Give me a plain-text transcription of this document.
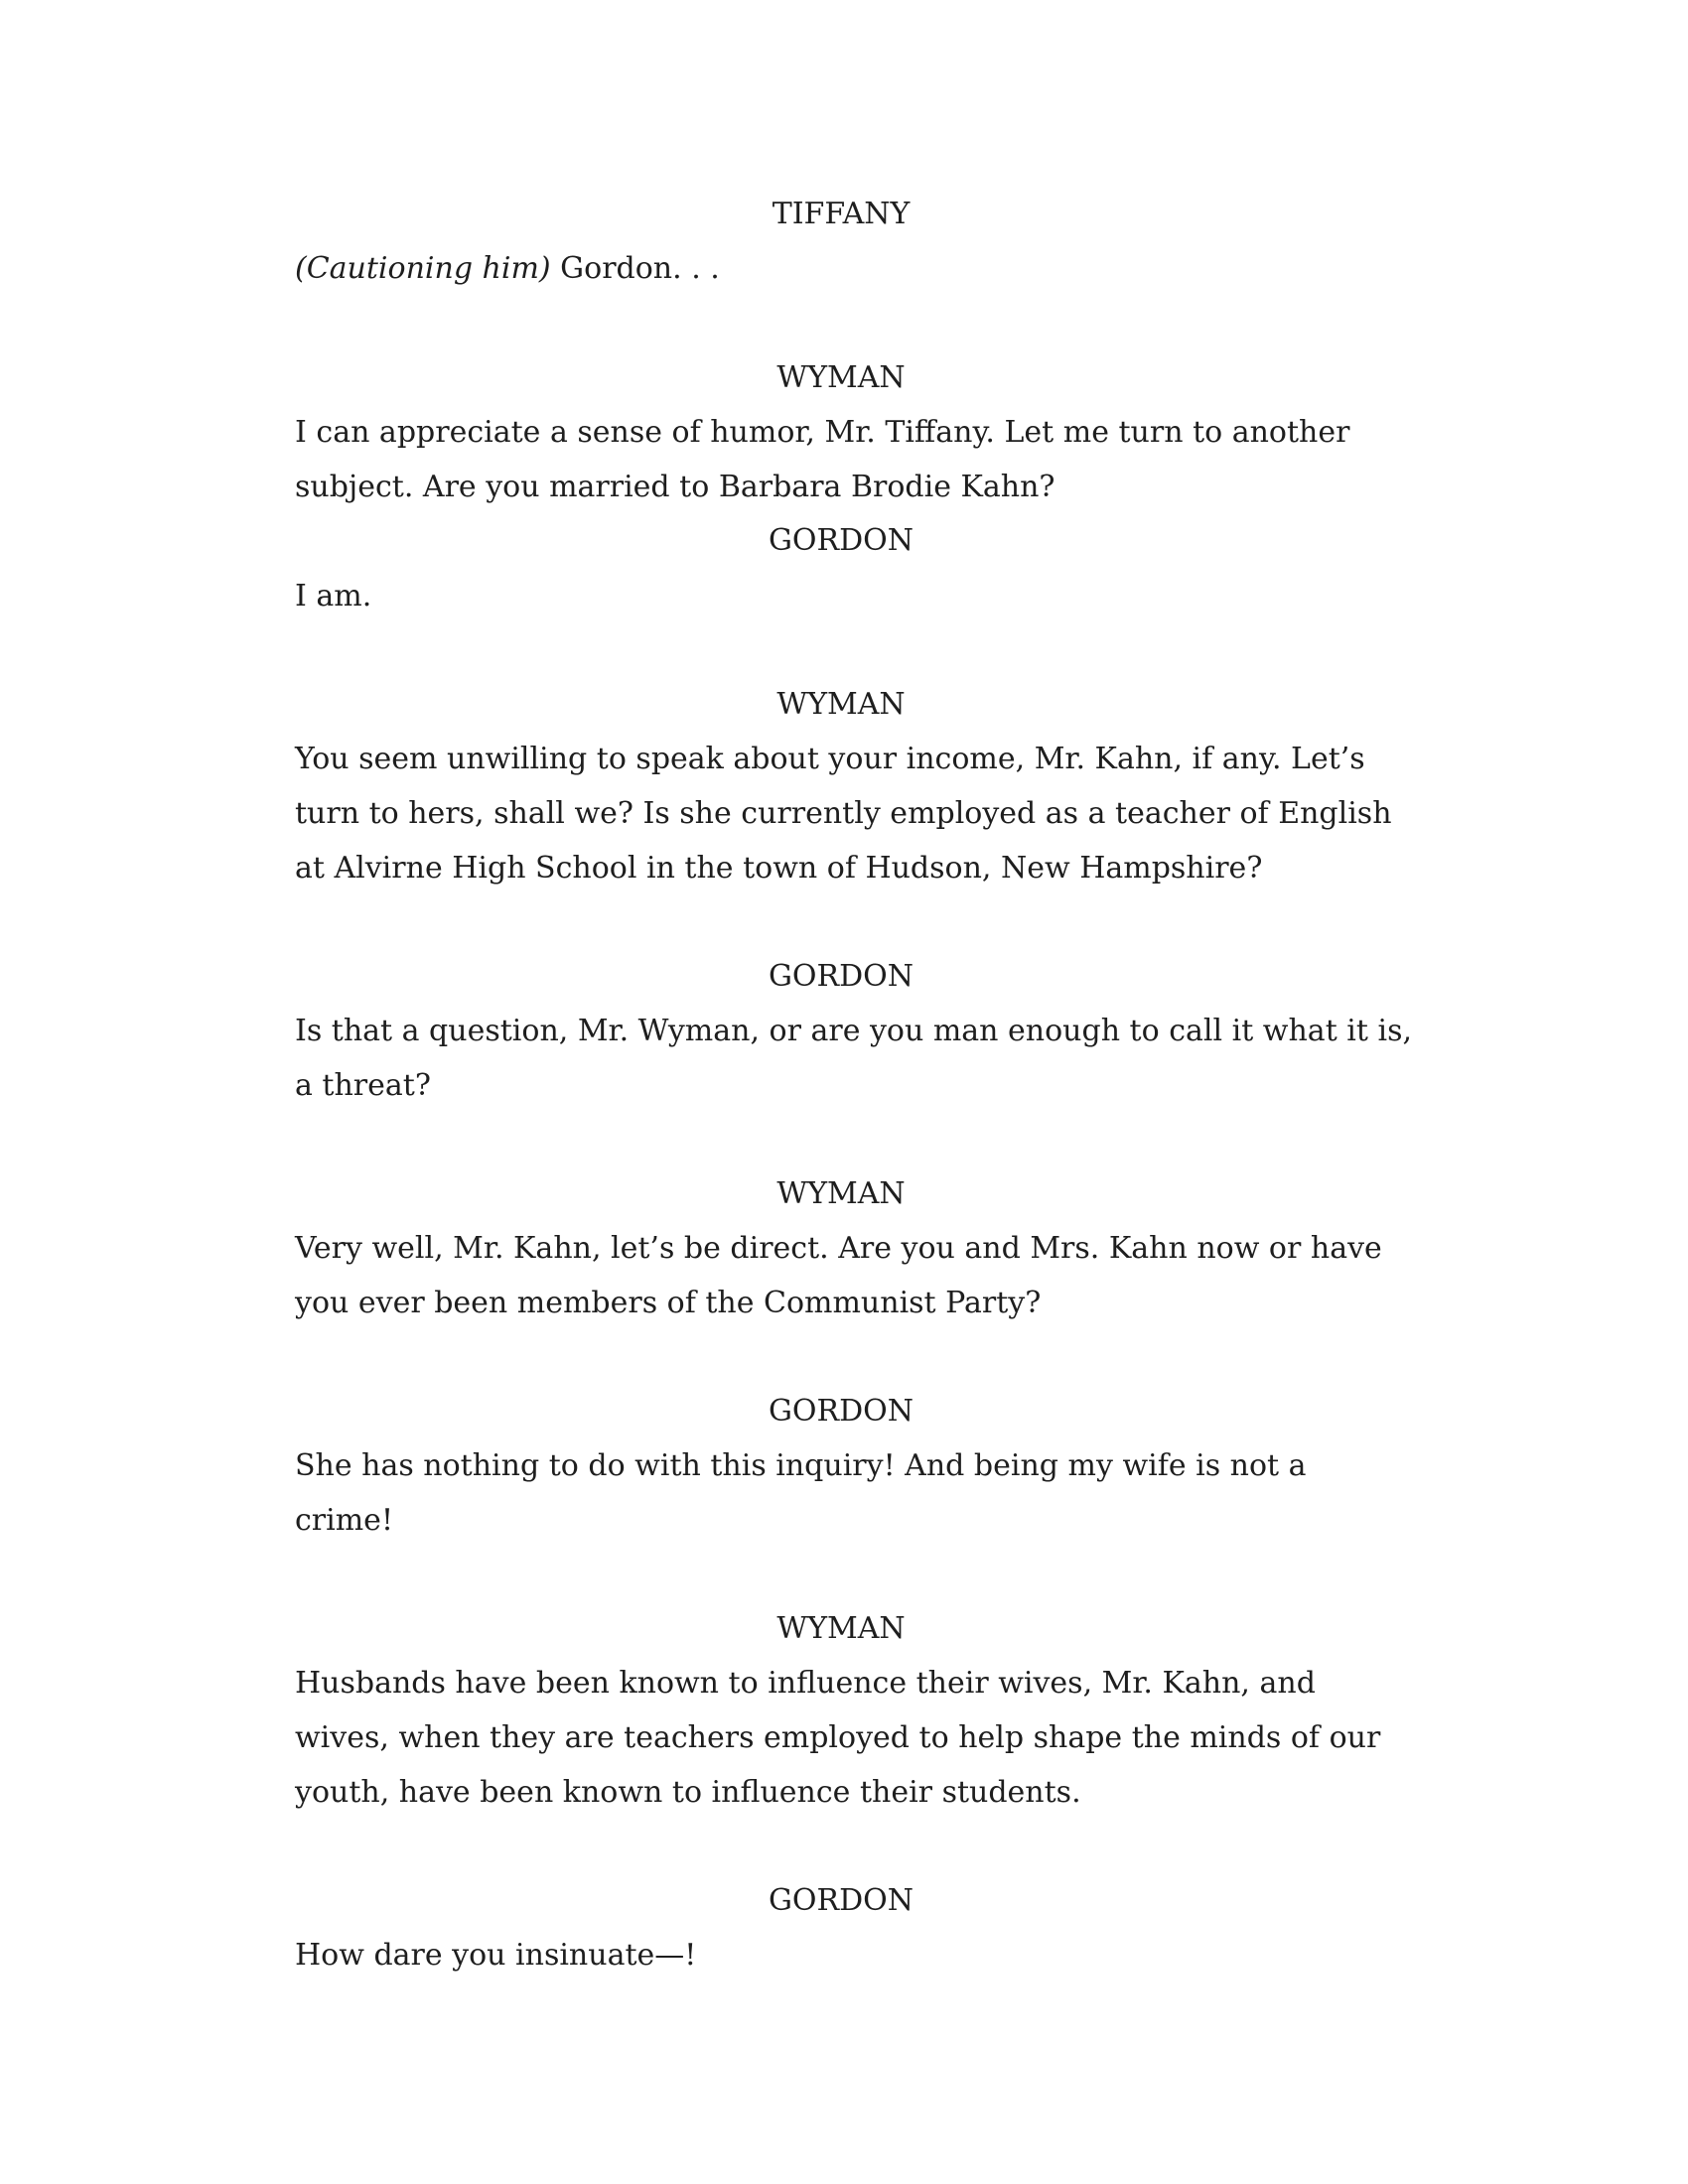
TIFFANY
(Cautioning him) Gordon. . .
WYMAN
I can appreciate a sense of humor, Mr. Tiffany. Let me turn to another
subject. Are you married to Barbara Brodie Kahn?
GORDON
I am.
WYMAN
You seem unwilling to speak about your income, Mr. Kahn, if any. Let’s
turn to hers, shall we? Is she currently employed as a teacher of English
at Alvirne High School in the town of Hudson, New Hampshire?
GORDON
Is that a question, Mr. Wyman, or are you man enough to call it what it is,
a threat?
WYMAN
Very well, Mr. Kahn, let’s be direct. Are you and Mrs. Kahn now or have
you ever been members of the Communist Party?
GORDON
She has nothing to do with this inquiry! And being my wife is not a
crime!
WYMAN
Husbands have been known to influence their wives, Mr. Kahn, and
wives, when they are teachers employed to help shape the minds of our
youth, have been known to influence their students.
GORDON
How dare you insinuate—!
